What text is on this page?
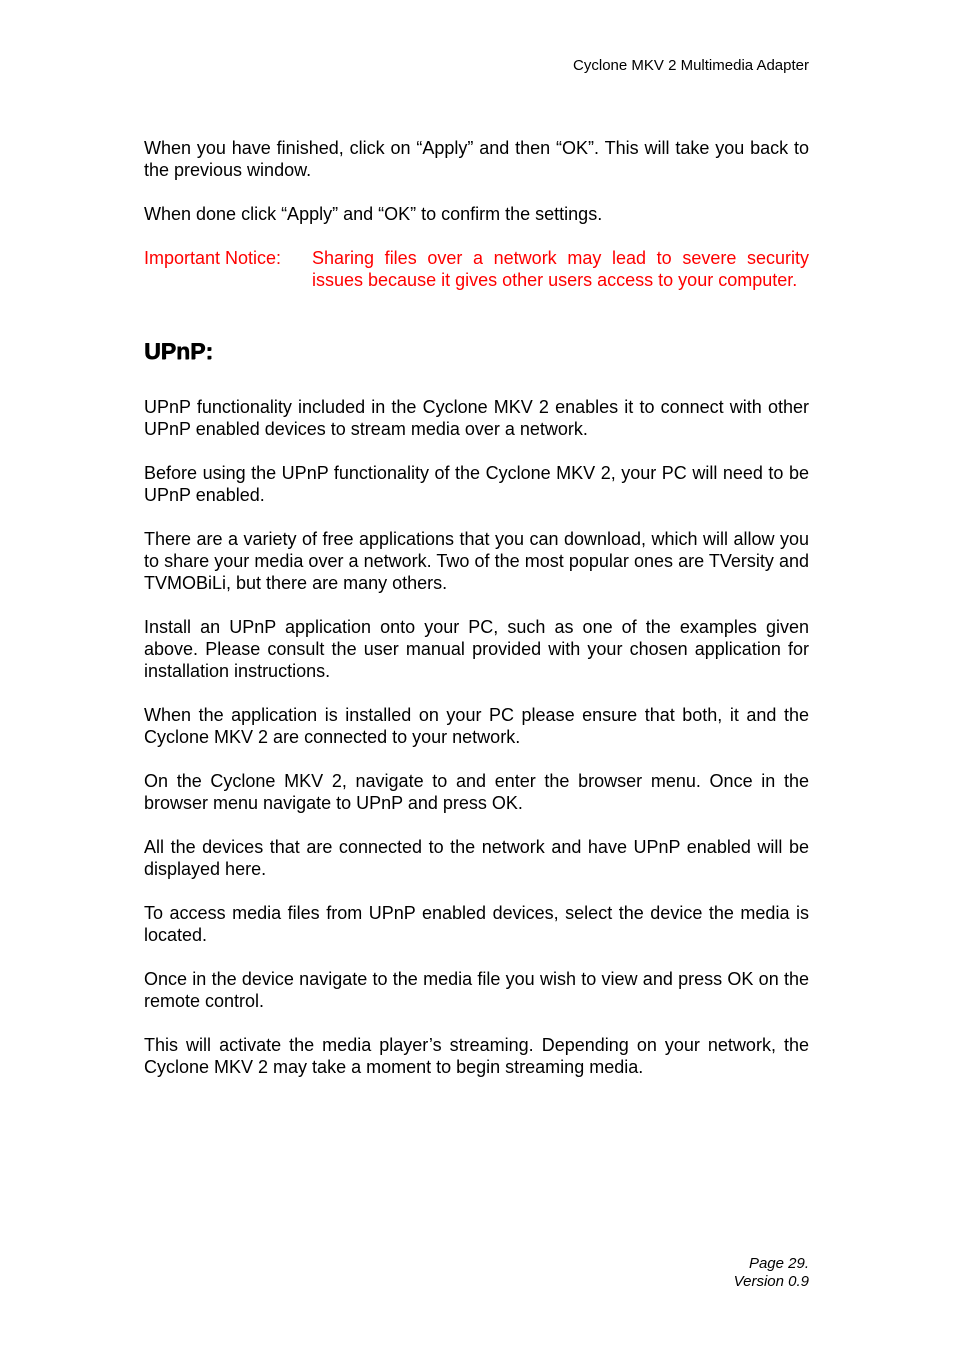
Cyclone MKV 2 Multimedia Adapter

When you have finished, click on “Apply” and then “OK”. This will take you back to the previous window.

When done click “Apply” and “OK” to confirm the settings.

Important Notice:	Sharing files over a network may lead to severe security issues because it gives other users access to your computer.
UPnP:

UPnP functionality included in the Cyclone MKV 2 enables it to connect with other UPnP enabled devices to stream media over a network.

Before using the UPnP functionality of the Cyclone MKV 2, your PC will need to be UPnP enabled.

There are a variety of free applications that you can download, which will allow you to share your media over a network. Two of the most popular ones are TVersity and TVMOBiLi, but there are many others.

Install an UPnP application onto your PC, such as one of the examples given above. Please consult the user manual provided with your chosen application for installation instructions.

When the application is installed on your PC please ensure that both, it and the Cyclone MKV 2 are connected to your network.

On the Cyclone MKV 2, navigate to and enter the browser menu. Once in the browser menu navigate to UPnP and press OK.

All the devices that are connected to the network and have UPnP enabled will be displayed here.

To access media files from UPnP enabled devices, select the device the media is located.

Once in the device navigate to the media file you wish to view and press OK on the remote control.

This will activate the media player’s streaming. Depending on your network, the Cyclone MKV 2 may take a moment to begin streaming media.

Page 29.
Version 0.9
